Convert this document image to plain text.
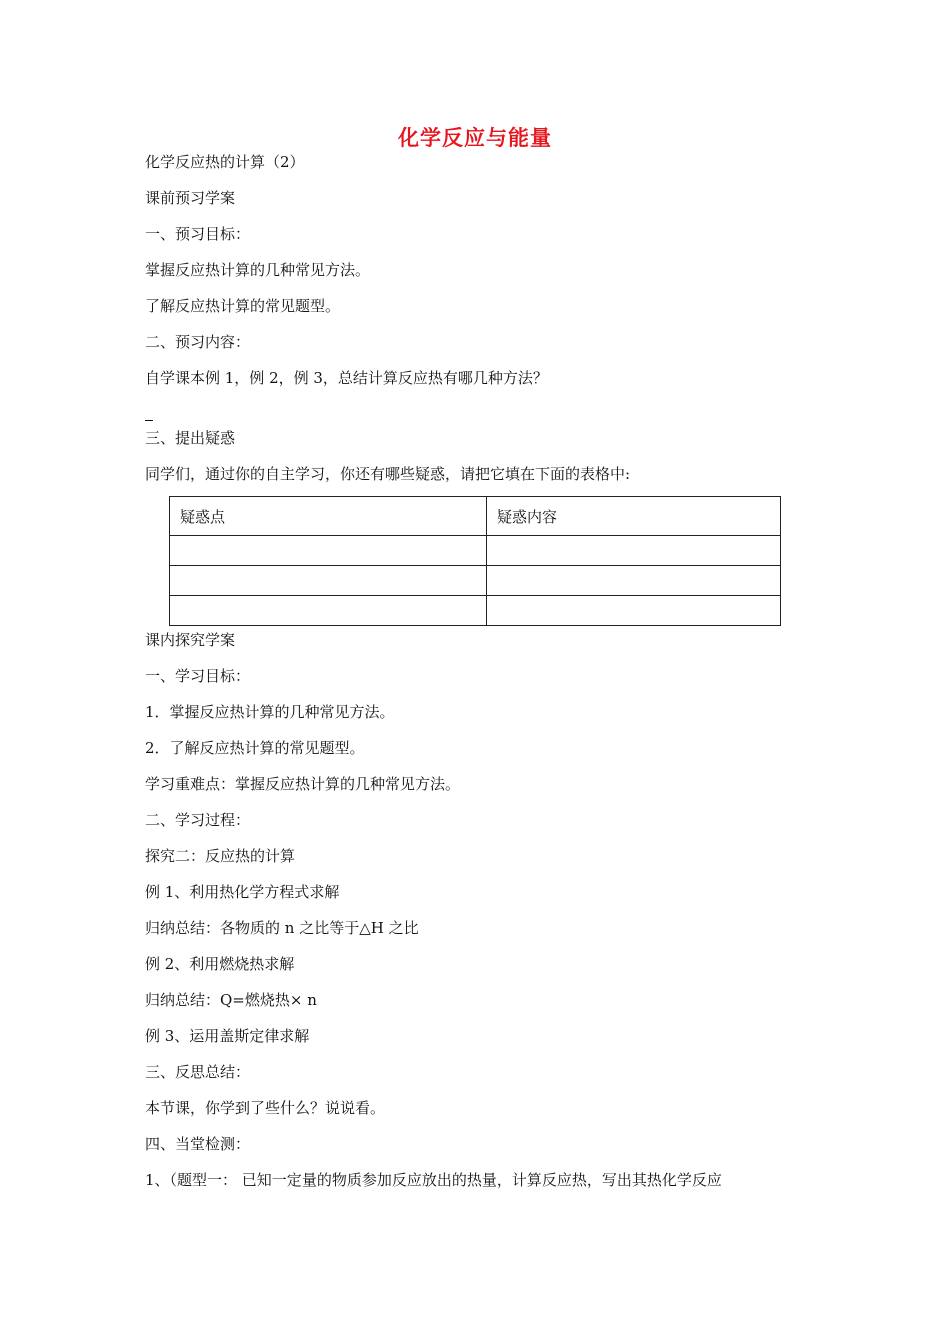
化学反应与能量
化学反应热的计算（2）
课前预习学案
一、预习目标：
掌握反应热计算的几种常见方法。
了解反应热计算的常见题型。
二、预习内容：
自学课本例 1，例 2，例 3，总结计算反应热有哪几种方法？
三、提出疑惑
同学们，通过你的自主学习，你还有哪些疑惑，请把它填在下面的表格中:
疑惑点	疑惑内容

课内探究学案
一、学习目标：
1．掌握反应热计算的几种常见方法。
2．了解反应热计算的常见题型。
学习重难点：掌握反应热计算的几种常见方法。
二、学习过程：
探究二：反应热的计算
例 1、利用热化学方程式求解
归纳总结：各物质的 n 之比等于△H 之比
例 2、利用燃烧热求解
归纳总结：Q=燃烧热× n
例 3、运用盖斯定律求解
三、反思总结：
本节课，你学到了些什么？说说看。
四、当堂检测：
1、（题型一： 已知一定量的物质参加反应放出的热量，计算反应热，写出其热化学反应
